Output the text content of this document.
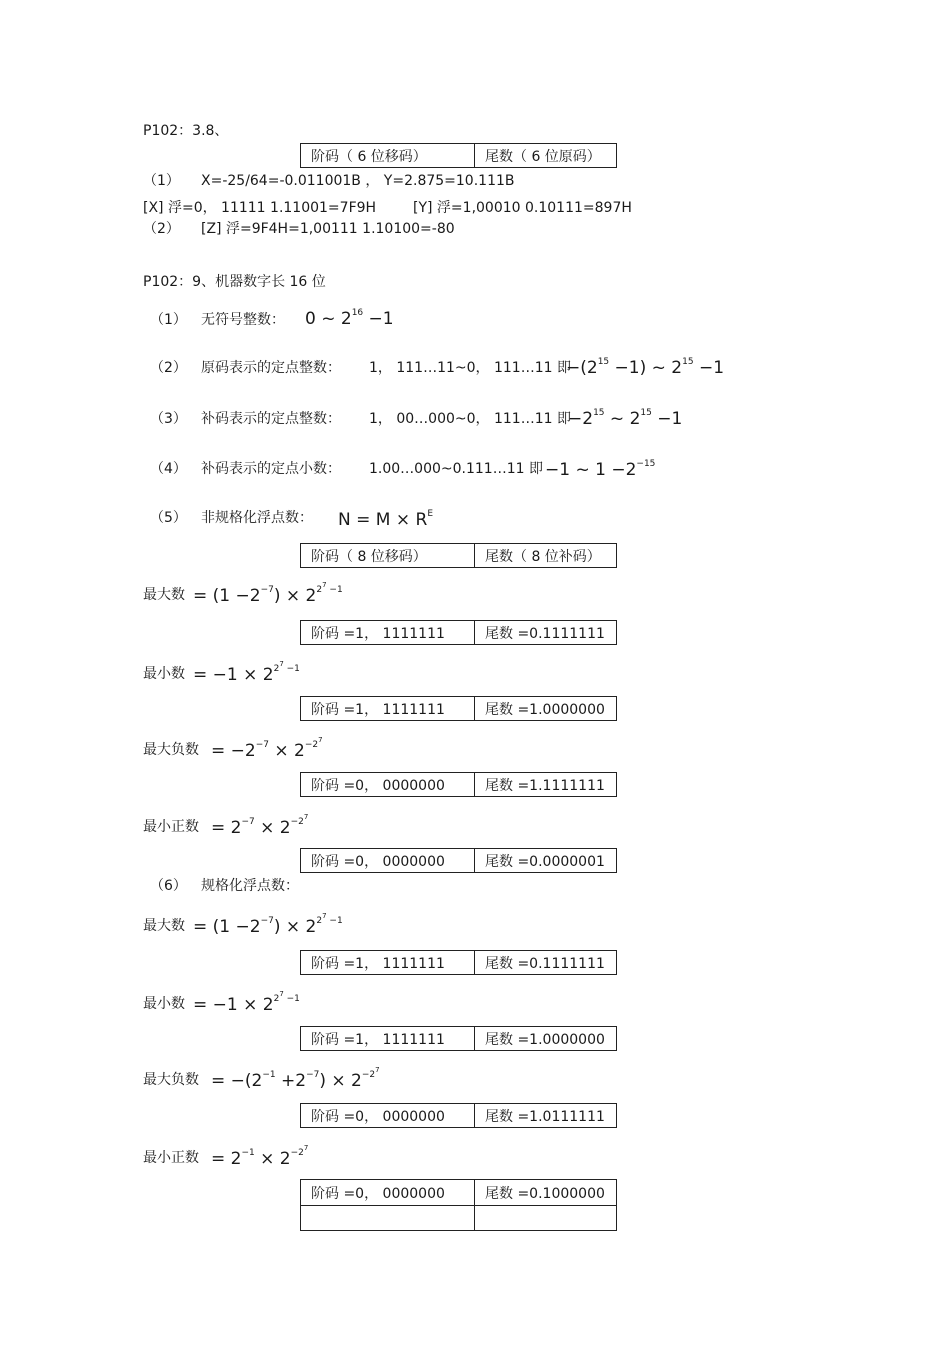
P102：3.8、
阶码（ 6 位移码）	尾数（ 6 位原码）
（1） X=-25/64=-0.011001B ， Y=2.875=10.111B
[X] 浮=0， 11111 1.11001=7F9H	[Y] 浮=1,00010 0.10111=897H
（2） [Z] 浮=9F4H=1,00111 1.10100=-80
P102：9、机器数字长 16 位
（1） 无符号整数： 0 ~ $2^{16} -1$
（2） 原码表示的定点整数： 1， 111…11~0， 111…11 即
$-(2^{15} -1)$ ~ $2^{15} -1$
（3） 补码表示的定点整数： 1， 00…000~0， 111…11 即
$-2^{15}$ ~ $2^{15} -1$
（4） 补码表示的定点小数： 1.00…000~0.111…11 即 −1 ~ $1 -2^{-15}$
（5） 非规格化浮点数： $N = M \times R^E$
阶码（ 8 位移码）	尾数（ 8 位补码）
最大数 = $(1 -2^{-7}) \times 2^{2^7 -1}$
阶码 =1， 1111111	尾数 =0.1111111
最小数 = $-1 \times 2^{2^7 -1}$
阶码 =1， 1111111	尾数 =1.0000000
最大负数 = $-2^{-7} \times 2^{-2^7}$
阶码 =0， 0000000	尾数 =1.1111111
最小正数 = $2^{-7} \times 2^{-2^7}$
阶码 =0， 0000000	尾数 =0.0000001
（6） 规格化浮点数：
最大数 = $(1 -2^{-7}) \times 2^{2^7 -1}$
阶码 =1， 1111111	尾数 =0.1111111
最小数 = $-1 \times 2^{2^7 -1}$
阶码 =1， 1111111	尾数 =1.0000000
最大负数 = $-(2^{-1} +2^{-7}) \times 2^{-2^7}$
阶码 =0， 0000000	尾数 =1.0111111
最小正数 = $2^{-1} \times 2^{-2^7}$
阶码 =0， 0000000	尾数 =0.1000000
